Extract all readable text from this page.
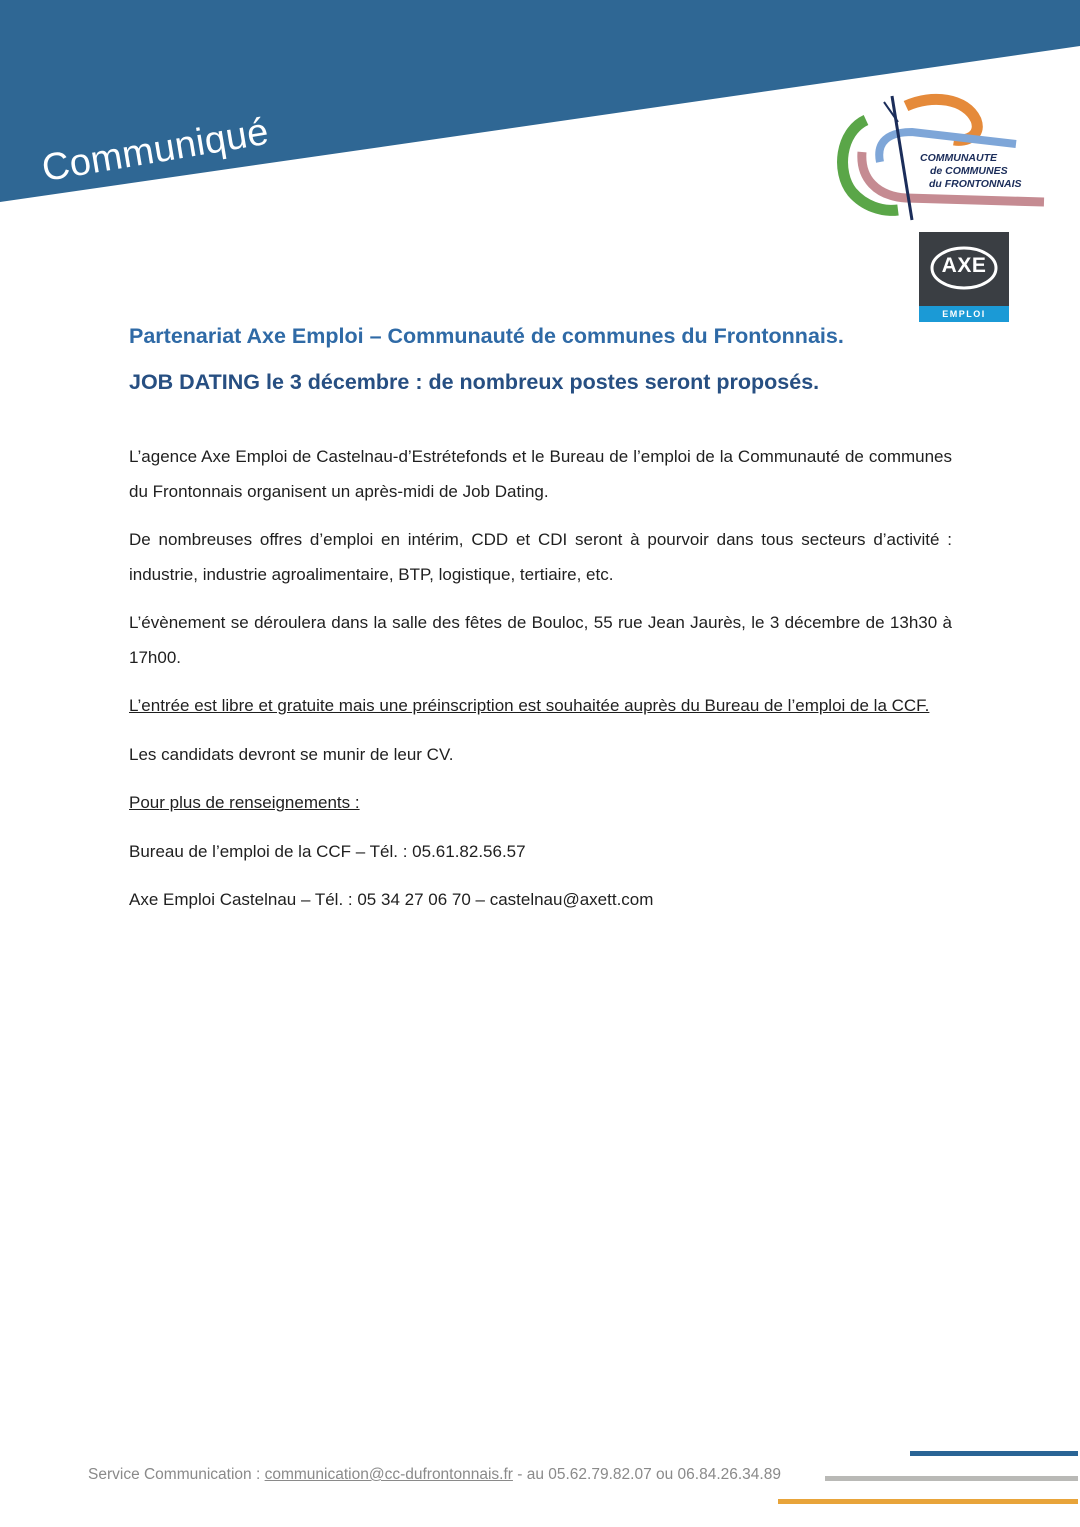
Communiqué	COMMUNAUTE
de COMMUNES
du FRONTONNAIS
AXE
EMPLOI
Partenariat Axe Emploi – Communauté de communes du Frontonnais.
JOB DATING le 3 décembre : de nombreux postes seront proposés.

L’agence Axe Emploi de Castelnau-d’Estrétefonds et le Bureau de l’emploi de la Communauté de communes du Frontonnais organisent un après-midi de Job Dating.

De nombreuses offres d’emploi en intérim, CDD et CDI seront à pourvoir dans tous secteurs d’activité : industrie, industrie agroalimentaire, BTP, logistique, tertiaire, etc.

L’évènement se déroulera dans la salle des fêtes de Bouloc, 55 rue Jean Jaurès, le 3 décembre de 13h30 à 17h00.

L’entrée est libre et gratuite mais une préinscription est souhaitée auprès du Bureau de l’emploi de la CCF.

Les candidats devront se munir de leur CV.

Pour plus de renseignements :

Bureau de l’emploi de la CCF – Tél. : 05.61.82.56.57

Axe Emploi Castelnau – Tél. : 05 34 27 06 70 – castelnau@axett.com

Service Communication : communication@cc-dufrontonnais.fr - au 05.62.79.82.07 ou 06.84.26.34.89
